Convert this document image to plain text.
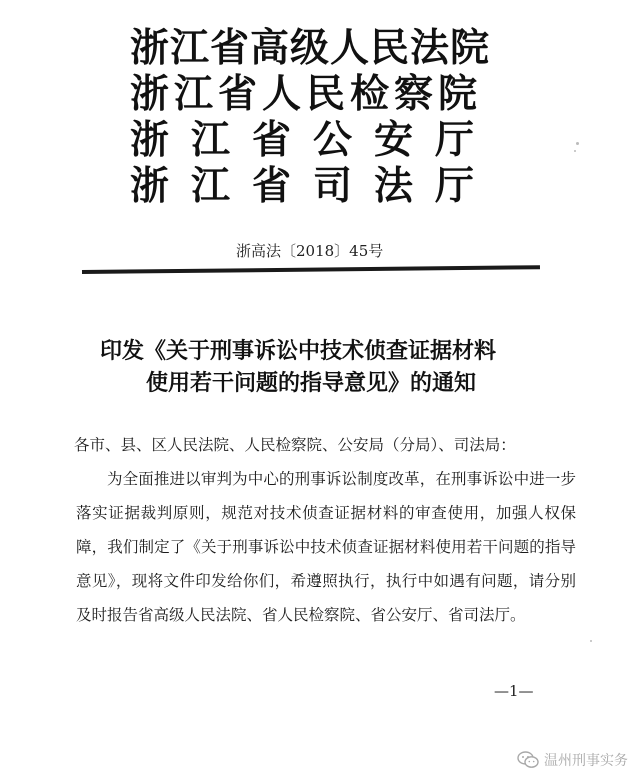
浙江省高级人民法院
浙江省人民检察院
浙江省公安厅
浙江省司法厅
浙高法〔2018〕45号
印发《关于刑事诉讼中技术侦查证据材料
使用若干问题的指导意见》的通知
各市、县、区人民法院、人民检察院、公安局（分局）、司法局：

为全面推进以审判为中心的刑事诉讼制度改革，在刑事诉讼中进一步落实证据裁判原则，规范对技术侦查证据材料的审查使用，加强人权保障，我们制定了《关于刑事诉讼中技术侦查证据材料使用若干问题的指导意见》，现将文件印发给你们，希遵照执行，执行中如遇有问题，请分别及时报告省高级人民法院、省人民检察院、省公安厅、省司法厅。

—1—
温州刑事实务
